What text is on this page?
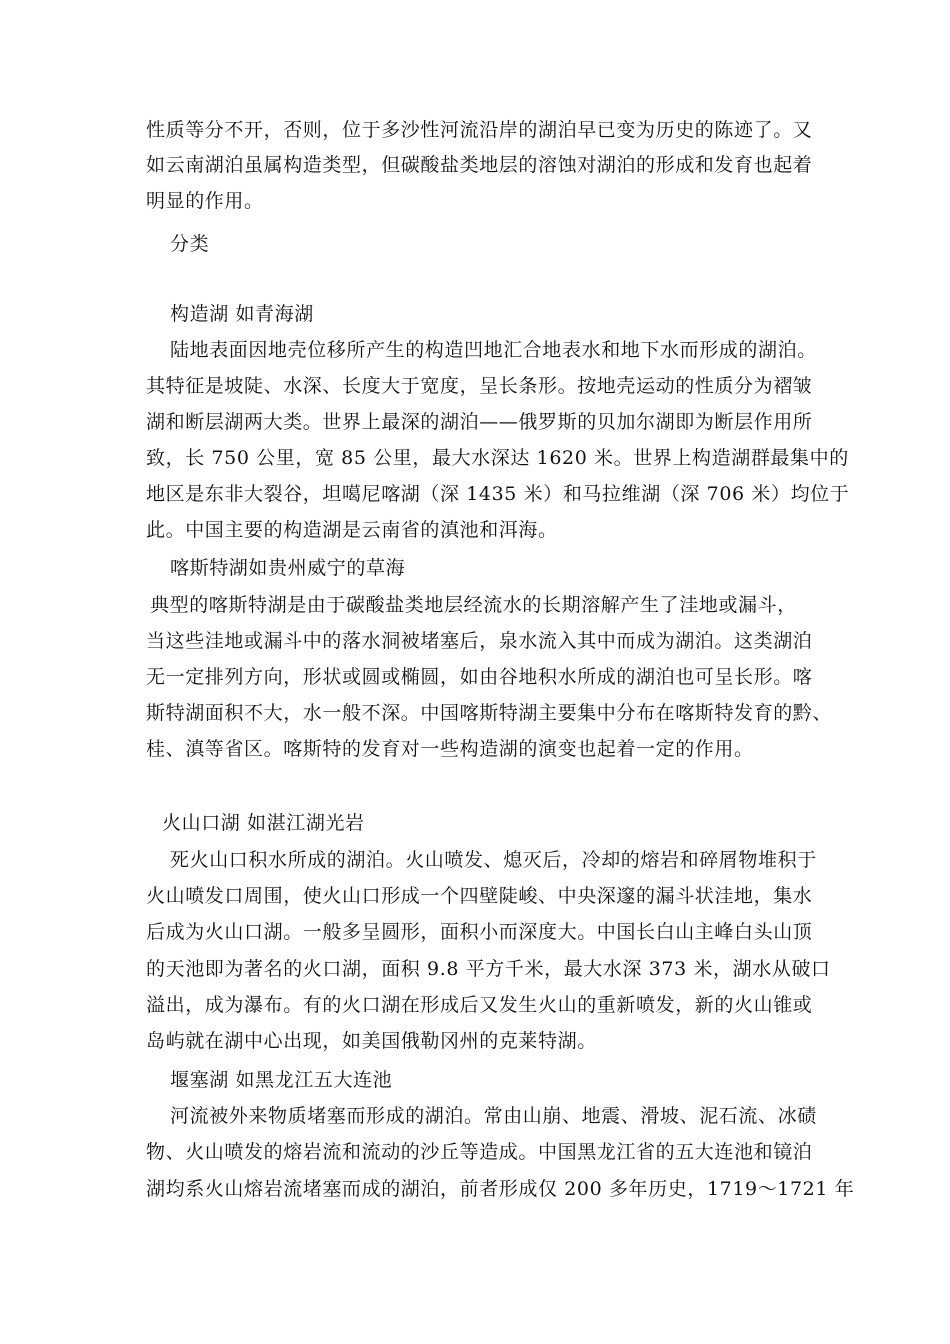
性质等分不开，否则，位于多沙性河流沿岸的湖泊早已变为历史的陈迹了。又
如云南湖泊虽属构造类型，但碳酸盐类地层的溶蚀对湖泊的形成和发育也起着
明显的作用。
分类
构造湖 如青海湖
陆地表面因地壳位移所产生的构造凹地汇合地表水和地下水而形成的湖泊。
其特征是坡陡、水深、长度大于宽度，呈长条形。按地壳运动的性质分为褶皱
湖和断层湖两大类。世界上最深的湖泊——俄罗斯的贝加尔湖即为断层作用所
致，长 750 公里，宽 85 公里，最大水深达 1620 米。世界上构造湖群最集中的
地区是东非大裂谷，坦噶尼喀湖（深 1435 米）和马拉维湖（深 706 米）均位于
此。中国主要的构造湖是云南省的滇池和洱海。
喀斯特湖如贵州威宁的草海
典型的喀斯特湖是由于碳酸盐类地层经流水的长期溶解产生了洼地或漏斗，
当这些洼地或漏斗中的落水洞被堵塞后，泉水流入其中而成为湖泊。这类湖泊
无一定排列方向，形状或圆或椭圆，如由谷地积水所成的湖泊也可呈长形。喀
斯特湖面积不大，水一般不深。中国喀斯特湖主要集中分布在喀斯特发育的黔、
桂、滇等省区。喀斯特的发育对一些构造湖的演变也起着一定的作用。
火山口湖 如湛江湖光岩
死火山口积水所成的湖泊。火山喷发、熄灭后，冷却的熔岩和碎屑物堆积于
火山喷发口周围，使火山口形成一个四壁陡峻、中央深邃的漏斗状洼地，集水
后成为火山口湖。一般多呈圆形，面积小而深度大。中国长白山主峰白头山顶
的天池即为著名的火口湖，面积 9.8 平方千米，最大水深 373 米，湖水从破口
溢出，成为瀑布。有的火口湖在形成后又发生火山的重新喷发，新的火山锥或
岛屿就在湖中心出现，如美国俄勒冈州的克莱特湖。
堰塞湖 如黑龙江五大连池
河流被外来物质堵塞而形成的湖泊。常由山崩、地震、滑坡、泥石流、冰碛
物、火山喷发的熔岩流和流动的沙丘等造成。中国黑龙江省的五大连池和镜泊
湖均系火山熔岩流堵塞而成的湖泊，前者形成仅 200 多年历史，1719～1721 年
